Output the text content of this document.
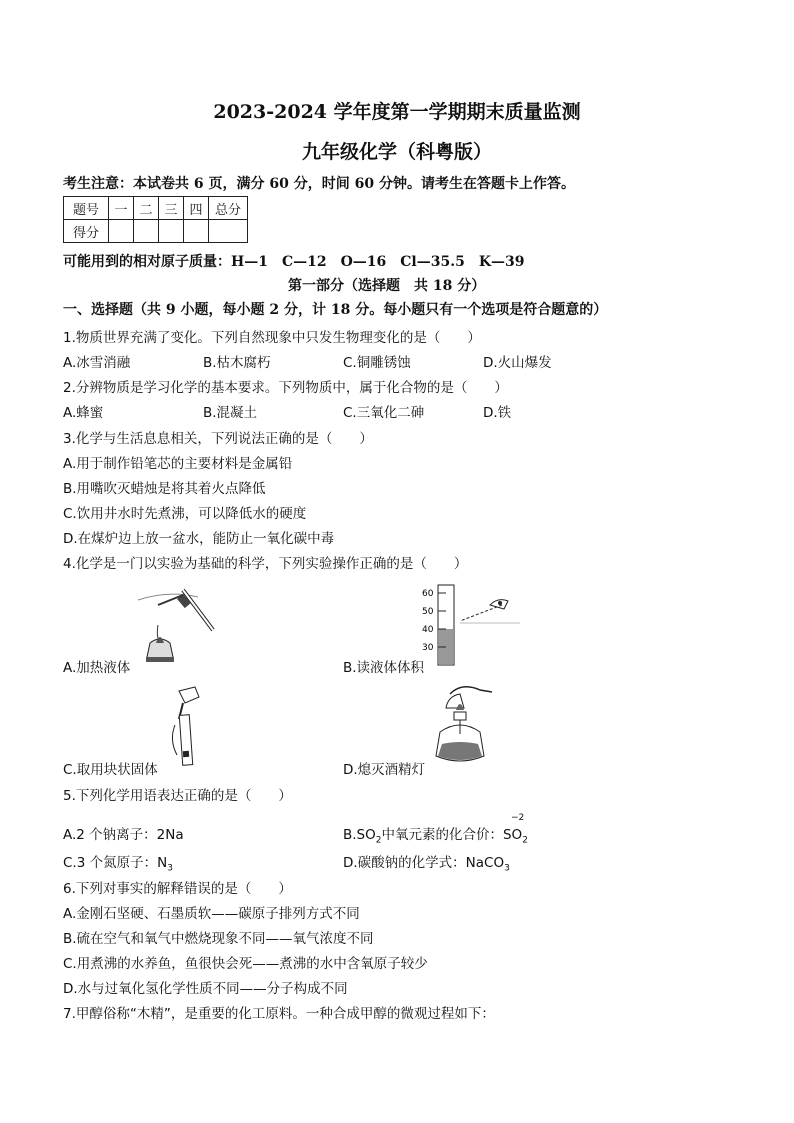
2023-2024 学年度第一学期期末质量监测
九年级化学（科粤版）
考生注意：本试卷共 6 页，满分 60 分，时间 60 分钟。请考生在答题卡上作答。
题号	一	二	三	四	总分
得分					
可能用到的相对原子质量：H—1　C—12　O—16　Cl—35.5　K—39
第一部分（选择题　共 18 分）
一、选择题（共 9 小题，每小题 2 分，计 18 分。每小题只有一个选项是符合题意的）
1.物质世界充满了变化。下列自然现象中只发生物理变化的是（　　）
A.冰雪消融	B.枯木腐朽	C.铜雕锈蚀	D.火山爆发
2.分辨物质是学习化学的基本要求。下列物质中，属于化合物的是（　　）
A.蜂蜜	B.混凝土	C.三氧化二砷	D.铁
3.化学与生活息息相关，下列说法正确的是（　　）
A.用于制作铅笔芯的主要材料是金属铅
B.用嘴吹灭蜡烛是将其着火点降低
C.饮用井水时先煮沸，可以降低水的硬度
D.在煤炉边上放一盆水，能防止一氧化碳中毒
4.化学是一门以实验为基础的科学，下列实验操作正确的是（　　）
A.加热液体
60
50
40
30
B.读液体体积
C.取用块状固体	D.熄灭酒精灯
5.下列化学用语表达正确的是（　　）
A.2 个钠离子：2Na	$B.SO_2$中氧元素的化合价：
−2
$SO_2$
C.3 个氮原子：$N_3$	D.碳酸钠的化学式：NaCO$_3$
6.下列对事实的解释错误的是（　　）
A.金刚石坚硬、石墨质软——碳原子排列方式不同
B.硫在空气和氧气中燃烧现象不同——氧气浓度不同
C.用煮沸的水养鱼，鱼很快会死——煮沸的水中含氧原子较少
D.水与过氧化氢化学性质不同——分子构成不同
7.甲醇俗称“木精”，是重要的化工原料。一种合成甲醇的微观过程如下：
